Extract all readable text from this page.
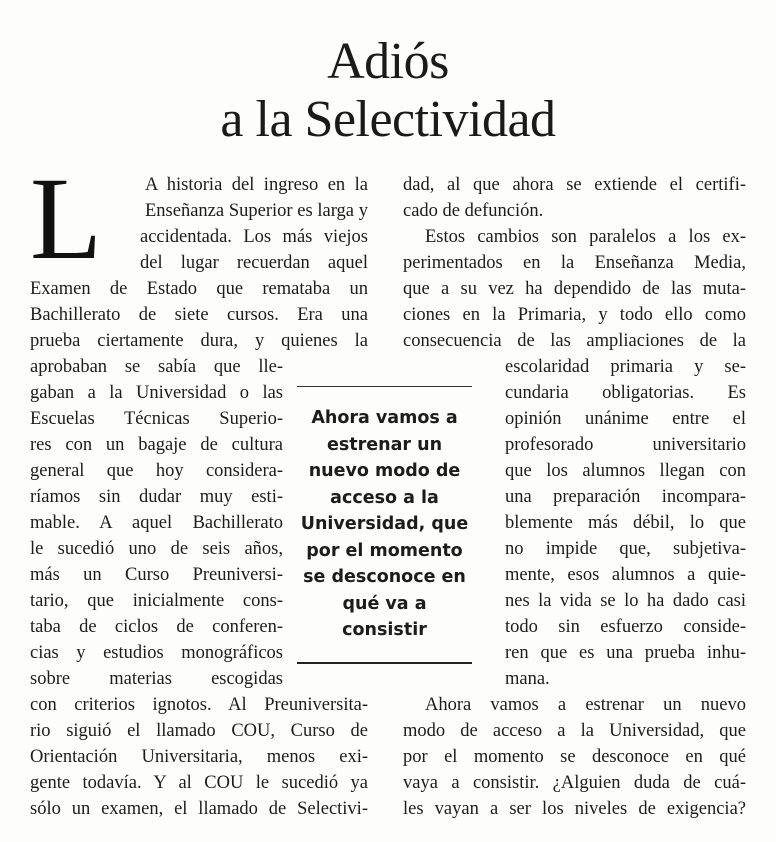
Adiós
a la Selectividad
L A historia del ingreso en la
Enseñanza Superior es larga y
accidentada. Los más viejos
del lugar recuerdan aquel
Examen de Estado que remataba un
Bachillerato de siete cursos. Era una
prueba ciertamente dura, y quienes la
aprobaban se sabía que lle-
gaban a la Universidad o las
Escuelas Técnicas Superio-
res con un bagaje de cultura
general que hoy considera-
ríamos sin dudar muy esti-
mable. A aquel Bachillerato
le sucedió uno de seis años,
más un Curso Preuniversi-
tario, que inicialmente cons-
taba de ciclos de conferen-
cias y estudios monográficos
sobre materias escogidas
con criterios ignotos. Al Preuniversita-
rio siguió el llamado COU, Curso de
Orientación Universitaria, menos exi-
gente todavía. Y al COU le sucedió ya
sólo un examen, el llamado de Selectivi-
dad, al que ahora se extiende el certifi-
cado de defunción.
Estos cambios son paralelos a los ex-
perimentados en la Enseñanza Media,
que a su vez ha dependido de las muta-
ciones en la Primaria, y todo ello como
consecuencia de las ampliaciones de la
escolaridad primaria y se-
cundaria obligatorias. Es
opinión unánime entre el
profesorado universitario
que los alumnos llegan con
una preparación incompara-
blemente más débil, lo que
no impide que, subjetiva-
mente, esos alumnos a quie-
nes la vida se lo ha dado casi
todo sin esfuerzo conside-
ren que es una prueba inhu-
mana.
Ahora vamos a estrenar un nuevo
modo de acceso a la Universidad, que
por el momento se desconoce en qué
vaya a consistir. ¿Alguien duda de cuá-
les vayan a ser los niveles de exigencia?
Ahora vamos a
estrenar un
nuevo modo de
acceso a la
Universidad, que
por el momento
se desconoce en
qué va a
consistir
